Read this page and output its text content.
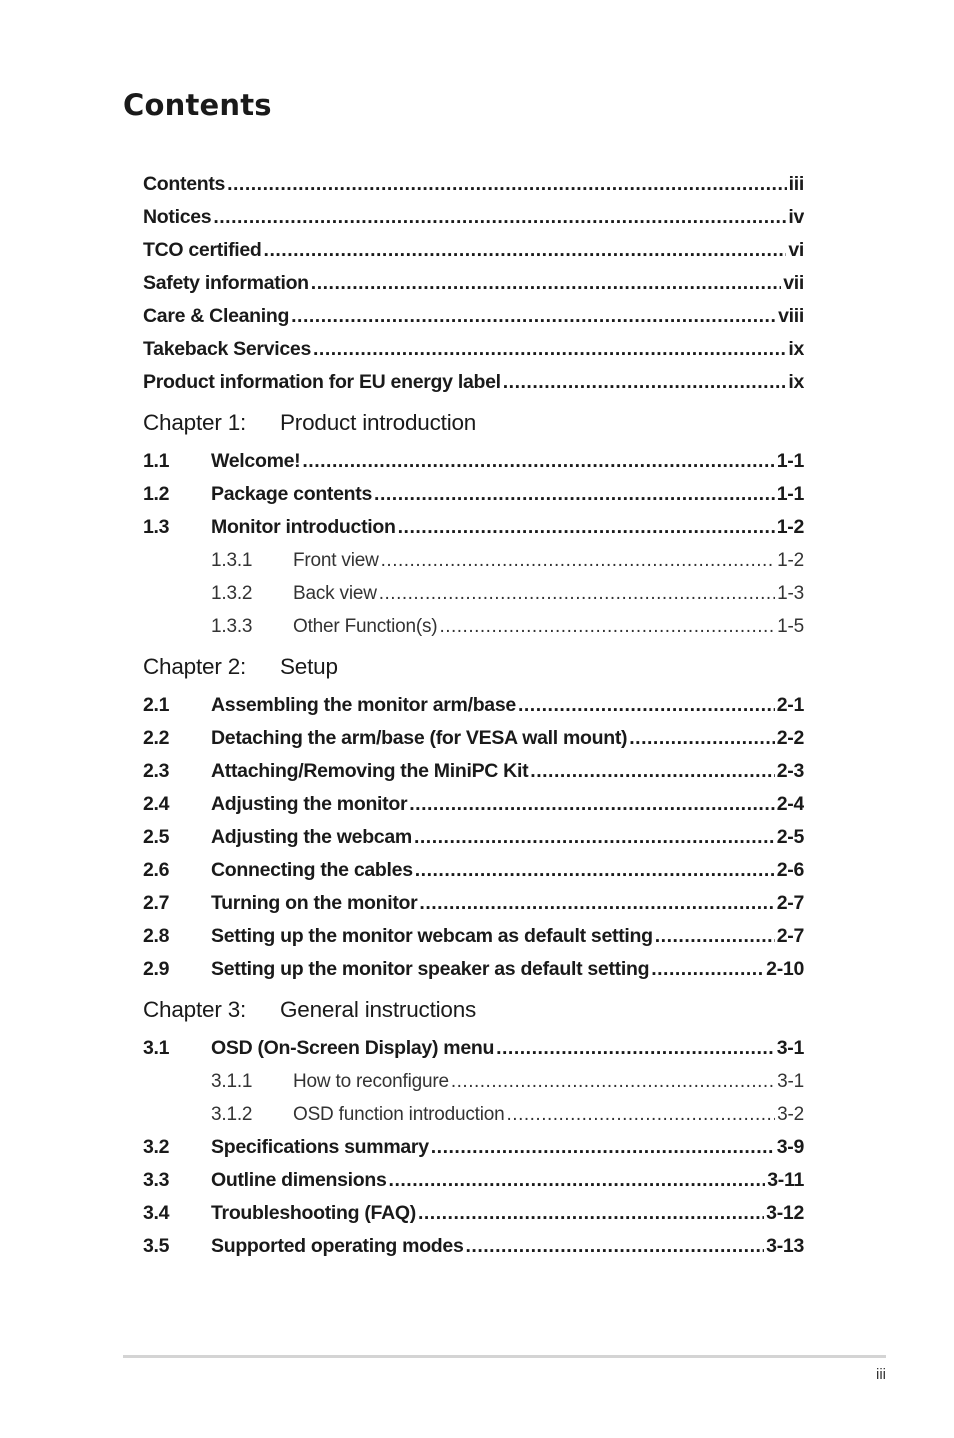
Contents
Contents .....	iii
Notices .....	iv
TCO certified .....	vi
Safety information .....	vii
Care & Cleaning .....	viii
Takeback Services .....	ix
Product information for EU energy label .....	ix
Chapter 1:	Product introduction
1.1	Welcome! .....	1-1
1.2	Package contents .....	1-1
1.3	Monitor introduction .....	1-2
1.3.1	Front view .....	1-2
1.3.2	Back view .....	1-3
1.3.3	Other Function(s) .....	1-5
Chapter 2:	Setup
2.1	Assembling the monitor arm/base .....	2-1
2.2	Detaching the arm/base (for VESA wall mount) .....	2-2
2.3	Attaching/Removing the MiniPC Kit .....	2-3
2.4	Adjusting the monitor .....	2-4
2.5	Adjusting the webcam .....	2-5
2.6	Connecting the cables .....	2-6
2.7	Turning on the monitor .....	2-7
2.8	Setting up the monitor webcam as default setting .....	2-7
2.9	Setting up the monitor speaker as default setting .....	2-10
Chapter 3:	General instructions
3.1	OSD (On-Screen Display) menu .....	3-1
3.1.1	How to reconfigure .....	3-1
3.1.2	OSD function introduction .....	3-2
3.2	Specifications summary .....	3-9
3.3	Outline dimensions .....	3-11
3.4	Troubleshooting (FAQ) .....	3-12
3.5	Supported operating modes .....	3-13
iii
